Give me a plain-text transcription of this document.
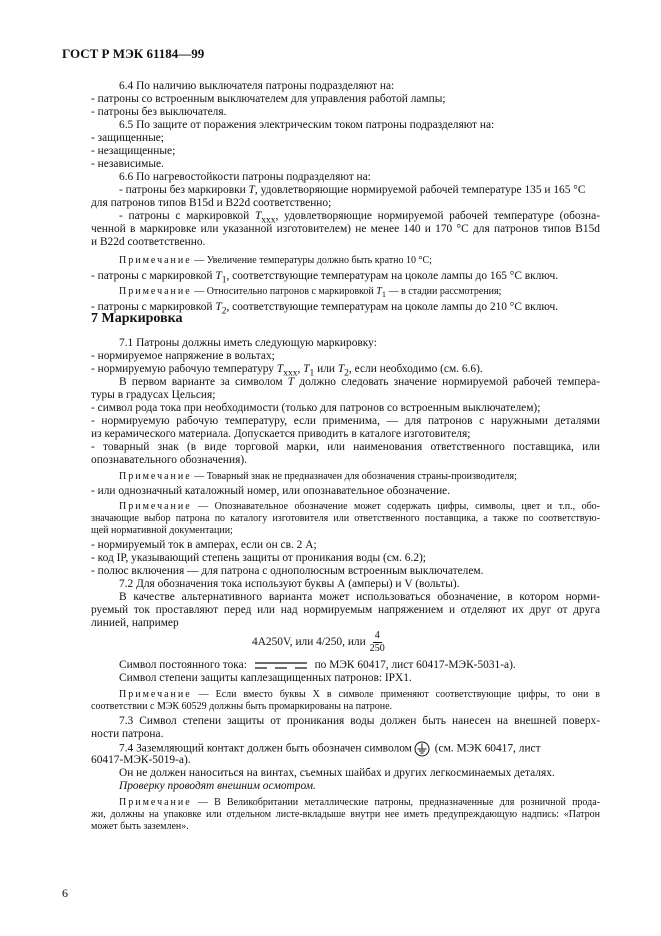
ГОСТ Р МЭК 61184—99

6.4 По наличию выключателя патроны подразделяют на:

- патроны со встроенным выключателем для управления работой лампы;

- патроны без выключателя.

6.5 По защите от поражения электрическим током патроны подразделяют на:

- защищенные;

- незащищенные;

- независимые.

6.6 По нагревостойкости патроны подразделяют на:

- патроны без маркировки T, удовлетворяющие нормируемой рабочей температуре 135 и 165 °С

для патронов типов B15d и B22d соответственно;

- патроны с маркировкой $T_{xxx}$, удовлетворяющие нормируемой рабочей температуре (обозна-

ченной в маркировке или указанной изготовителем) не менее 140 и 170 °С для патронов типов B15d

и B22d соответственно.

Примечание — Увеличение температуры должно быть кратно 10 °С;

- патроны с маркировкой $T_1$, соответствующие температурам на цоколе лампы до 165 °С включ.

Примечание — Относительно патронов с маркировкой $T_1$ — в стадии рассмотрения;

- патроны с маркировкой $T_2$, соответствующие температурам на цоколе лампы до 210 °С включ.

7 Маркировка

7.1 Патроны должны иметь следующую маркировку:

- нормируемое напряжение в вольтах;

- нормируемую рабочую температуру $T_{xxx}$, $T_1$ или $T_2$, если необходимо (см. 6.6).

В первом варианте за символом T должно следовать значение нормируемой рабочей темпера-

туры в градусах Цельсия;

- символ рода тока при необходимости (только для патронов со встроенным выключателем);

- нормируемую рабочую температуру, если применима, — для патронов с наружными деталями

из керамического материала. Допускается приводить в каталоге изготовителя;

- товарный знак (в виде торговой марки, или наименования ответственного поставщика, или

опознавательного обозначения).

Примечание — Товарный знак не предназначен для обозначения страны-производителя;

- или однозначный каталожный номер, или опознавательное обозначение.

Примечание — Опознавательное обозначение может содержать цифры, символы, цвет и т.п., обо-

значающие выбор патрона по каталогу изготовителя или ответственного поставщика, а также по соответствую-

щей нормативной документации;

- нормируемый ток в амперах, если он св. 2 А;

- код IP, указывающий степень защиты от проникания воды (см. 6.2);

- полюс включения — для патрона с однополюсным встроенным выключателем.

7.2 Для обозначения тока используют буквы А (амперы) и V (вольты).

В качестве альтернативного варианта может использоваться обозначение, в котором норми-

руемый ток проставляют перед или над нормируемым напряжением и отделяют их друг от друга

линией, например

4A250V, или 4/250, или $\frac{4}{250}$

Символ постоянного тока:	по МЭК 60417, лист 60417-МЭК-5031-а).

Символ степени защиты каплезащищенных патронов: IPX1.

Примечание — Если вместо буквы X в символе применяют соответствующие цифры, то они в

соответствии с МЭК 60529 должны быть промаркированы на патроне.

7.3 Символ степени защиты от проникания воды должен быть нанесен на внешней поверх-

ности патрона.

7.4 Заземляющий контакт должен быть обозначен символом (см. МЭК 60417, лист

60417-МЭК-5019-а).

Он не должен наноситься на винтах, съемных шайбах и других легкосминаемых деталях.

Проверку проводят внешним осмотром.

Примечание — В Великобритании металлические патроны, предназначенные для розничной прода-

жи, должны на упаковке или отдельном листе-вкладыше внутри нее иметь предупреждающую надпись: «Патрон

может быть заземлен».

6
